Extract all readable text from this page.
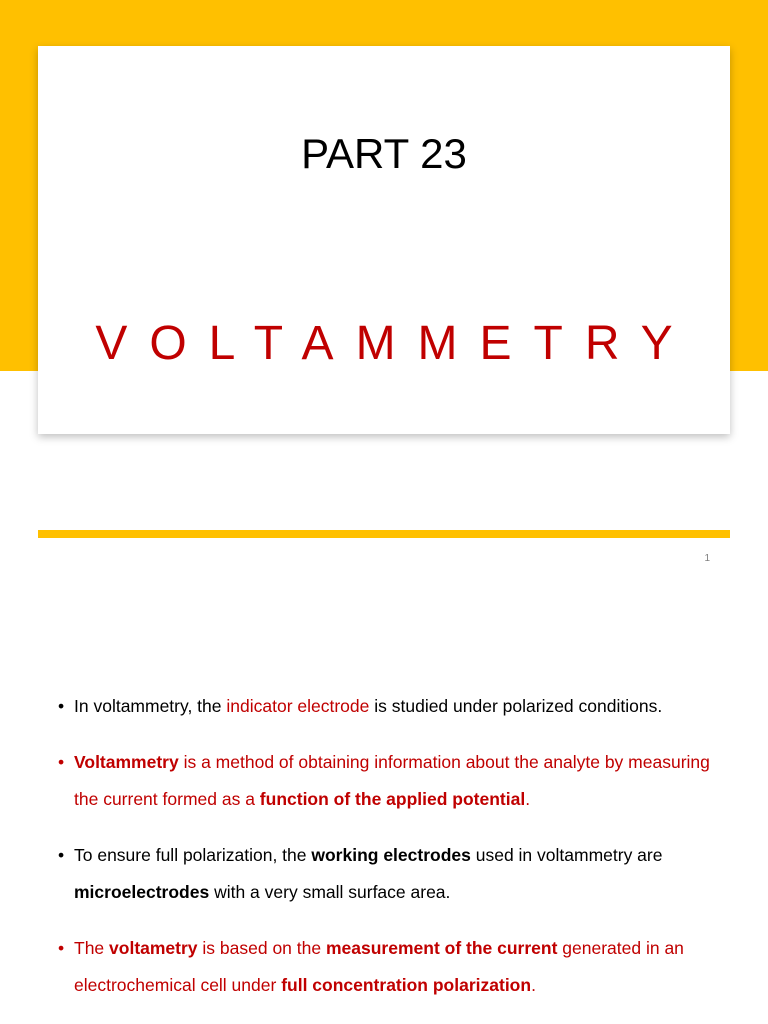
PART 23
VOLTAMMETRY
1
• In voltammetry, the indicator electrode is studied under polarized conditions.
• Voltammetry is a method of obtaining information about the analyte by measuring the current formed as a function of the applied potential.
• To ensure full polarization, the working electrodes used in voltammetry are microelectrodes with a very small surface area.
• The voltametry is based on the measurement of the current generated in an electrochemical cell under full concentration polarization.
